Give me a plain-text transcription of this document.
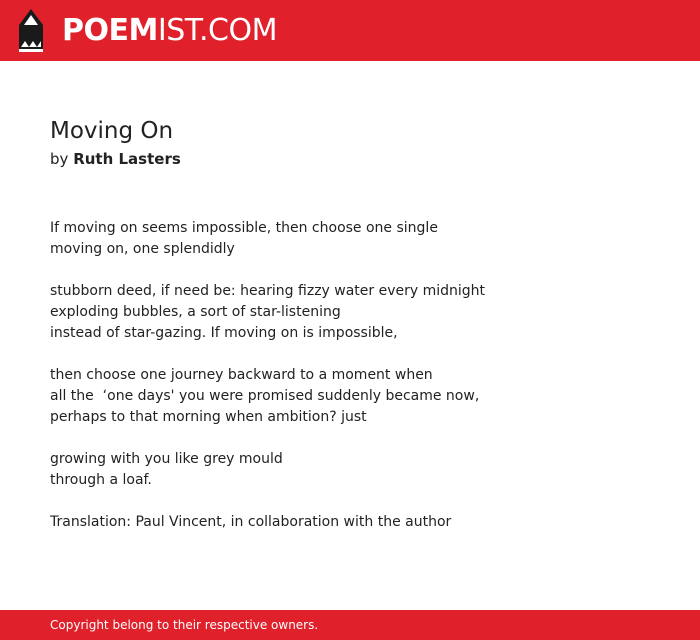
POEMIST.COM
Moving On

by Ruth Lasters

If moving on seems impossible, then choose one single
moving on, one splendidly

stubborn deed, if need be: hearing fizzy water every midnight
exploding bubbles, a sort of star-listening
instead of star-gazing. If moving on is impossible,

then choose one journey backward to a moment when
all the  ‘one days' you were promised suddenly became now,
perhaps to that morning when ambition? just

growing with you like grey mould
through a loaf.

Translation: Paul Vincent, in collaboration with the author

Copyright belong to their respective owners.
